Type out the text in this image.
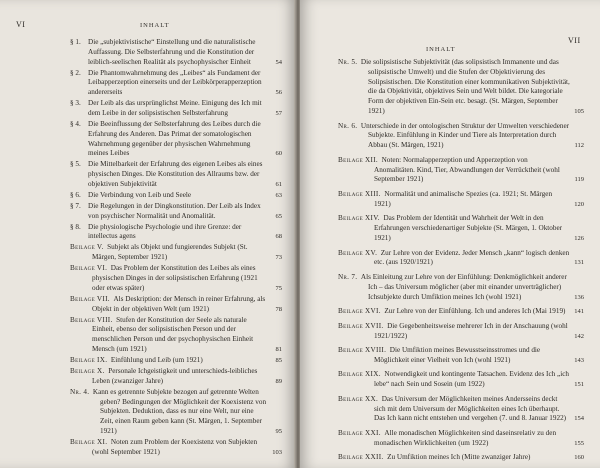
VI	INHALT
§ 1.	Die „subjektivistische“ Einstellung und die naturalistische Auffassung. Die Selbsterfahrung und die Konstitution der leiblich-seelischen Realität als psychophysischer Einheit	54
§ 2.	Die Phantomwahrnehmung des „Leibes“ als Fundament der Leibapperzeption einerseits und der Leibkörperapperzeption andererseits	56
§ 3.	Der Leib als das ursprünglichst Meine. Einigung des Ich mit dem Leibe in der solipsistischen Selbsterfahrung	57
§ 4.	Die Beeinflussung der Selbsterfahrung des Leibes durch die Erfahrung des Anderen. Das Primat der somatologischen Wahrnehmung gegenüber der physischen Wahrnehmung meines Leibes	60
§ 5.	Die Mittelbarkeit der Erfahrung des eigenen Leibes als eines physischen Dinges. Die Konstitution des Allraums bzw. der objektiven Subjektivität	61
§ 6.	Die Verbindung von Leib und Seele	63
§ 7.	Die Regelungen in der Dingkonstitution. Der Leib als Index von psychischer Normalität und Anomalität.	65
§ 8.	Die physiologische Psychologie und ihre Grenze: der intellectus agens	68
Beilage V.  Subjekt als Objekt und fungierendes Subjekt (St. Märgen, September 1921)	73
Beilage VI.  Das Problem der Konstitution des Leibes als eines physischen Dinges in der solipsistischen Erfahrung (1921 oder etwas später)	75
Beilage VII.  Als Deskription: der Mensch in reiner Erfahrung, als Objekt in der objektiven Welt (um 1921)	78
Beilage VIII.  Stufen der Konstitution der Seele als naturale Einheit, ebenso der solipsistischen Person und der menschlichen Person und der psychophysischen Einheit Mensch (um 1921)	81
Beilage IX.  Einfühlung und Leib (um 1921)	85
Beilage X.  Personale Ichgeistigkeit und unterschieds-leibliches Leben (zwanziger Jahre)	89
Nr. 4.  Kann es getrennte Subjekte bezogen auf getrennte Welten geben? Bedingungen der Möglichkeit der Koexistenz von Subjekten. Deduktion, dass es nur eine Welt, nur eine Zeit, einen Raum geben kann (St. Märgen, 1. September 1921)	95
Beilage XI.  Noten zum Problem der Koexistenz von Subjekten (wohl September 1921)	103
INHALT
VII
Nr. 5.  Die solipsistische Subjektivität (das solipsistisch Immanente und das solipsistische Umwelt) und die Stufen der Objektivierung des Solipsistischen. Die Konstitution einer kommunikativen Subjektivität, die da Objektivität, objektives Sein und Welt bildet. Die kategoriale Form der objektiven Ein-Sein etc. besagt. (St. Märgen, September 1921)	105
Nr. 6.  Unterschiede in der ontologischen Struktur der Umwelten verschiedener Subjekte. Einfühlung in Kinder und Tiere als Interpretation durch Abbau (St. Märgen, 1921)	112
Beilage XII.  Noten: Normalapperzeption und Apperzeption von Anomalitäten. Kind, Tier, Abwandlungen der Verrücktheit (wohl September 1921)	119
Beilage XIII.  Normalität und animalische Spezies (ca. 1921; St. Märgen 1921)	120
Beilage XIV.  Das Problem der Identität und Wahrheit der Welt in den Erfahrungen verschiedenartiger Subjekte (St. Märgen, 1. Oktober 1921)	126
Beilage XV.  Zur Lehre von der Evidenz. Jeder Mensch „kann“ logisch denken etc. (aus 1920/1921)	131
Nr. 7.  Als Einleitung zur Lehre von der Einfühlung: Denkmöglichkeit anderer Ich – das Universum möglicher (aber mit einander unverträglicher) Ichsubjekte durch Umfiktion meines Ich (wohl 1921)	136
Beilage XVI.  Zur Lehre von der Einfühlung. Ich und anderes Ich (Mai 1919)	141
Beilage XVII.  Die Gegebenheitsweise mehrerer Ich in der Anschauung (wohl 1921/1922)	142
Beilage XVIII.  Die Umfiktion meines Bewusstseinsstromes und die Möglichkeit einer Vielheit von Ich (wohl 1921)	143
Beilage XIX.  Notwendigkeit und kontingente Tatsachen. Evidenz des Ich „ich lebe“ nach Sein und Sosein (um 1922)	151
Beilage XX.  Das Universum der Möglichkeiten meines Andersseins deckt sich mit dem Universum der Möglichkeiten eines Ich überhaupt. Das Ich kann nicht entstehen und vergehen (7. und 8. Januar 1922)	154
Beilage XXI.  Alle monadischen Möglichkeiten sind daseinsrelativ zu den monadischen Wirklichkeiten (um 1922)	155
Beilage XXII.  Zu Umfiktion meines Ich (Mitte zwanziger Jahre)	160
